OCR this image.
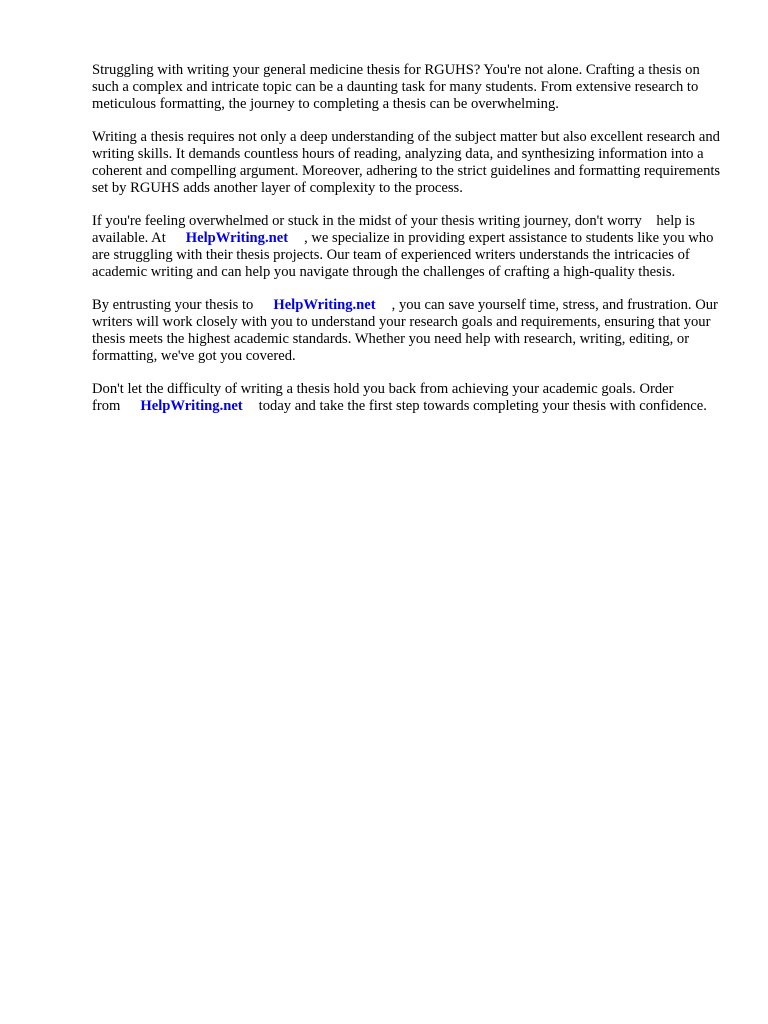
Struggling with writing your general medicine thesis for RGUHS? You're not alone. Crafting a thesis on such a complex and intricate topic can be a daunting task for many students. From extensive research to meticulous formatting, the journey to completing a thesis can be overwhelming.

Writing a thesis requires not only a deep understanding of the subject matter but also excellent research and writing skills. It demands countless hours of reading, analyzing data, and synthesizing information into a coherent and compelling argument. Moreover, adhering to the strict guidelines and formatting requirements set by RGUHS adds another layer of complexity to the process.

If you're feeling overwhelmed or stuck in the midst of your thesis writing journey, don't worry    help is available. At HelpWriting.net , we specialize in providing expert assistance to students like you who are struggling with their thesis projects. Our team of experienced writers understands the intricacies of academic writing and can help you navigate through the challenges of crafting a high-quality thesis.

By entrusting your thesis to HelpWriting.net , you can save yourself time, stress, and frustration. Our writers will work closely with you to understand your research goals and requirements, ensuring that your thesis meets the highest academic standards. Whether you need help with research, writing, editing, or formatting, we've got you covered.

Don't let the difficulty of writing a thesis hold you back from achieving your academic goals. Order from HelpWriting.net today and take the first step towards completing your thesis with confidence.
